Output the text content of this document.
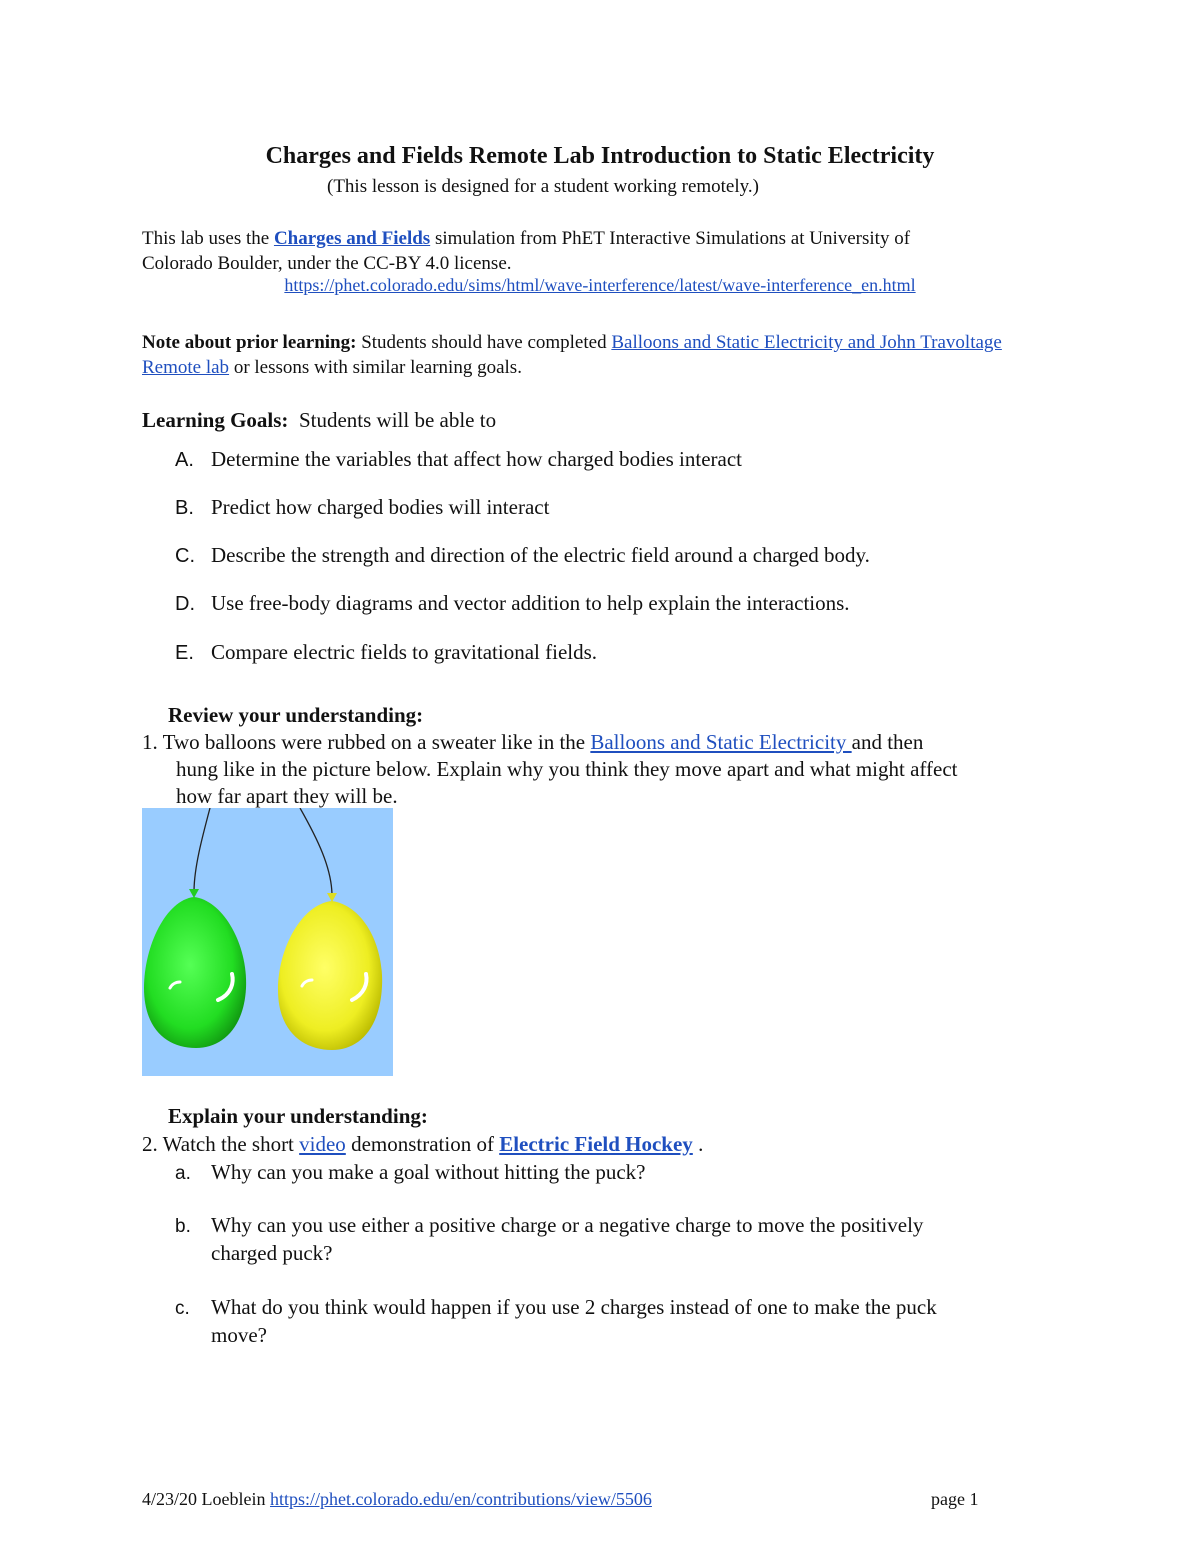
Charges and Fields Remote Lab Introduction to Static Electricity
(This lesson is designed for a student working remotely.)
This lab uses the Charges and Fields simulation from PhET Interactive Simulations at University of
Colorado Boulder, under the CC-BY 4.0 license.
https://phet.colorado.edu/sims/html/wave-interference/latest/wave-interference_en.html
Note about prior learning: Students should have completed Balloons and Static Electricity and John Travoltage Remote lab or lessons with similar learning goals.
Learning Goals: Students will be able to
A. Determine the variables that affect how charged bodies interact
B. Predict how charged bodies will interact
C. Describe the strength and direction of the electric field around a charged body.
D. Use free-body diagrams and vector addition to help explain the interactions.
E. Compare electric fields to gravitational fields.
Review your understanding:
1. Two balloons were rubbed on a sweater like in the Balloons and Static Electricity and then
hung like in the picture below. Explain why you think they move apart and what might affect
how far apart they will be.
Explain your understanding:
2. Watch the short video demonstration of Electric Field Hockey .
a. Why can you make a goal without hitting the puck?
b. Why can you use either a positive charge or a negative charge to move the positively
charged puck?
c. What do you think would happen if you use 2 charges instead of one to make the puck
move?
4/23/20 Loeblein https://phet.colorado.edu/en/contributions/view/5506	page 1
